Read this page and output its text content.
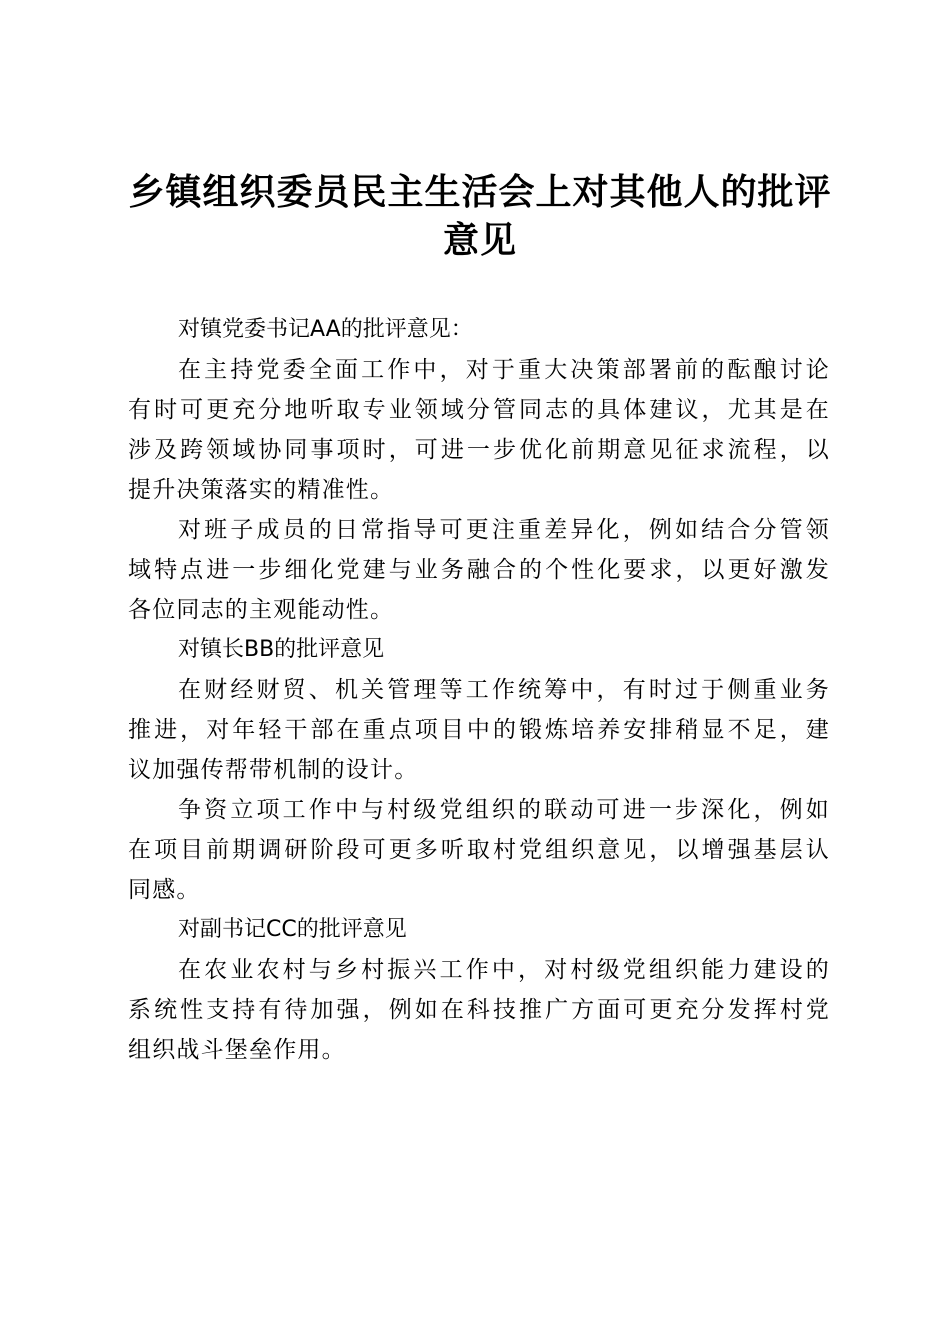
乡镇组织委员民主生活会上对其他人的批评意见

对镇党委书记AA的批评意见：

在主持党委全面工作中，对于重大决策部署前的酝酿讨论
有时可更充分地听取专业领域分管同志的具体建议，尤其是在
涉及跨领域协同事项时，可进一步优化前期意见征求流程，以
提升决策落实的精准性。

对班子成员的日常指导可更注重差异化，例如结合分管领
域特点进一步细化党建与业务融合的个性化要求，以更好激发
各位同志的主观能动性。

对镇长BB的批评意见

在财经财贸、机关管理等工作统筹中，有时过于侧重业务
推进，对年轻干部在重点项目中的锻炼培养安排稍显不足，建
议加强传帮带机制的设计。

争资立项工作中与村级党组织的联动可进一步深化，例如
在项目前期调研阶段可更多听取村党组织意见，以增强基层认
同感。

对副书记CC的批评意见

在农业农村与乡村振兴工作中，对村级党组织能力建设的
系统性支持有待加强，例如在科技推广方面可更充分发挥村党
组织战斗堡垒作用。
